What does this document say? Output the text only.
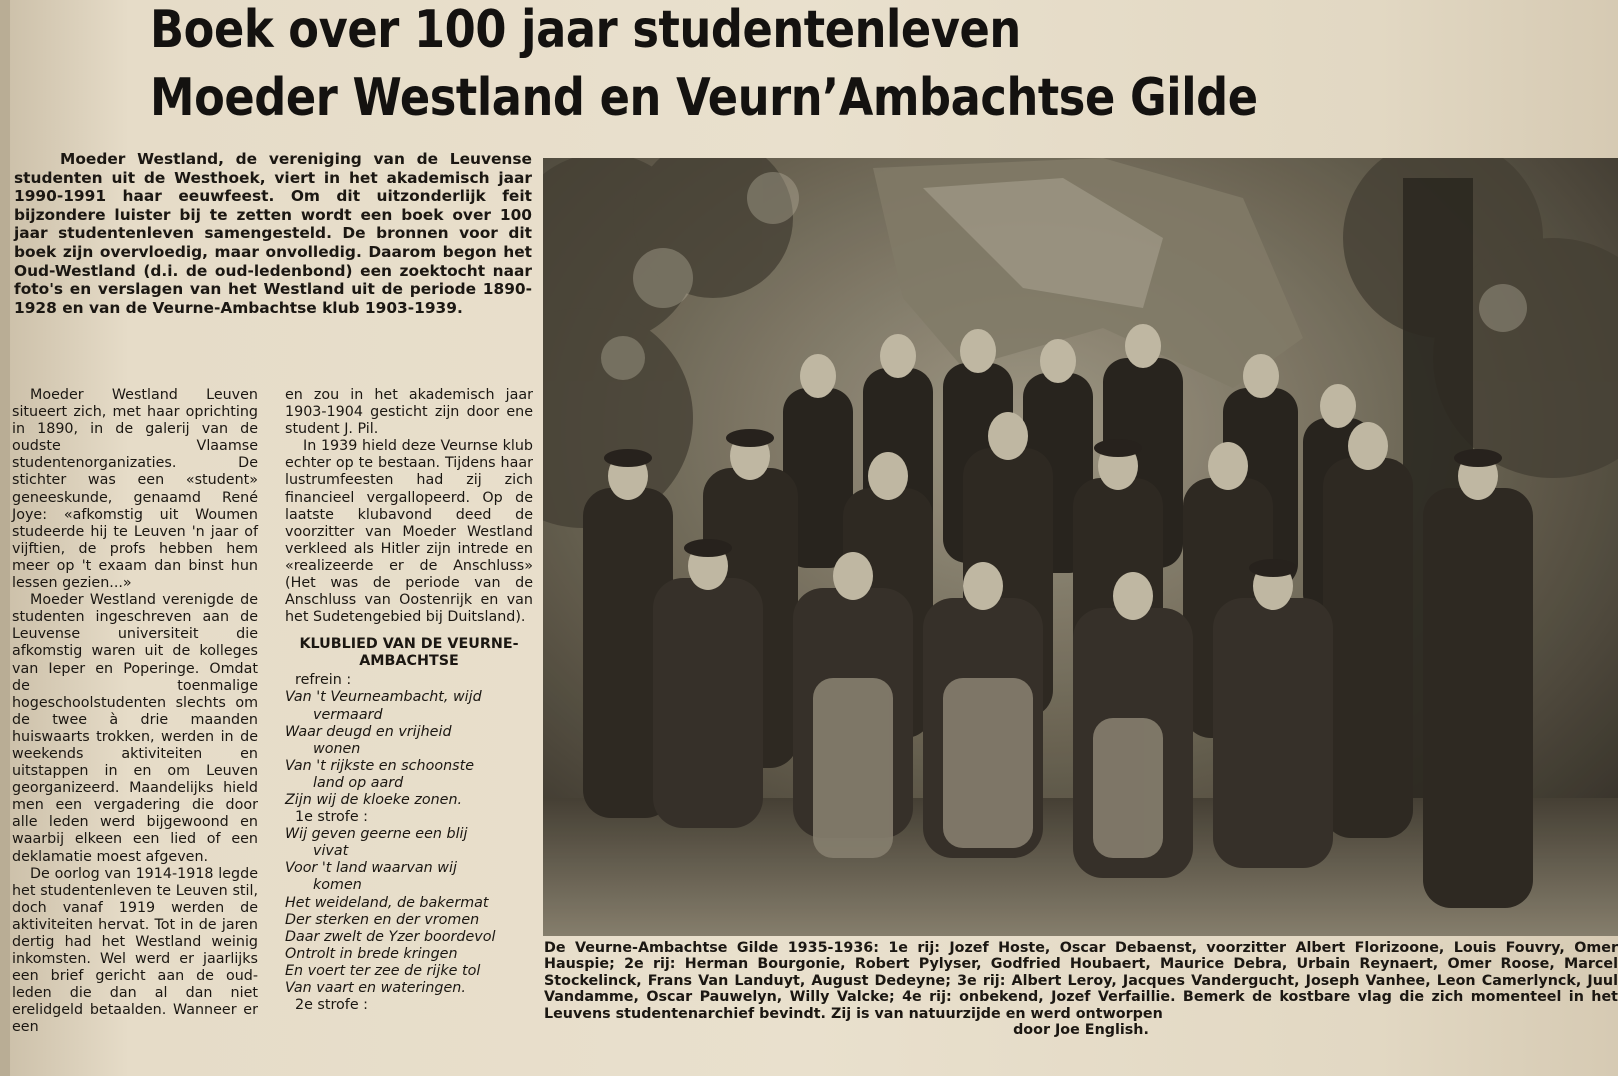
Boek over 100 jaar studentenleven
Moeder Westland en Veurn’Ambachtse Gilde

Moeder Westland, de vereniging van de Leuvense studenten uit de Westhoek, viert in het akademisch jaar 1990-1991 haar eeuwfeest. Om dit uitzonderlijk feit bijzondere luister bij te zetten wordt een boek over 100 jaar studentenleven samengesteld. De bronnen voor dit boek zijn overvloedig, maar onvolledig. Daarom begon het Oud-Westland (d.i. de oud-ledenbond) een zoektocht naar foto's en verslagen van het Westland uit de periode 1890-1928 en van de Veurne-Ambachtse klub 1903-1939.

Moeder Westland Leuven situeert zich, met haar oprichting in 1890, in de galerij van de oudste Vlaamse studentenorganizaties. De stichter was een «student» geneeskunde, genaamd René Joye: «afkomstig uit Woumen studeerde hij te Leuven 'n jaar of vijftien, de profs hebben hem meer op 't exaam dan binst hun lessen gezien...»

Moeder Westland verenigde de studenten ingeschreven aan de Leuvense universiteit die afkomstig waren uit de kolleges van Ieper en Poperinge. Omdat de toenmalige hogeschoolstudenten slechts om de twee à drie maanden huiswaarts trokken, werden in de weekends aktiviteiten en uitstappen in en om Leuven georganizeerd. Maandelijks hield men een vergadering die door alle leden werd bijgewoond en waarbij elkeen een lied of een deklamatie moest afgeven.

De oorlog van 1914-1918 legde het studentenleven te Leuven stil, doch vanaf 1919 werden de aktiviteiten hervat. Tot in de jaren dertig had het Westland weinig inkomsten. Wel werd er jaarlijks een brief gericht aan de oud-leden die dan al dan niet erelidgeld betaalden. Wanneer er een

en zou in het akademisch jaar 1903-1904 gesticht zijn door ene student J. Pil.

In 1939 hield deze Veurnse klub echter op te bestaan. Tijdens haar lustrumfeesten had zij zich financieel vergallopeerd. Op de laatste klubavond deed de voorzitter van Moeder Westland verkleed als Hitler zijn intrede en «realizeerde er de Anschluss» (Het was de periode van de Anschluss van Oostenrijk en van het Sudetengebied bij Duitsland).

KLUBLIED VAN DE VEURNE-AMBACHTSE

refrein :

Van 't Veurneambacht, wijd

vermaard

Waar deugd en vrijheid

wonen

Van 't rijkste en schoonste

land op aard

Zijn wij de kloeke zonen.

1e strofe :

Wij geven geerne een blij

vivat

Voor 't land waarvan wij

komen

Het weideland, de bakermat

Der sterken en der vromen

Daar zwelt de Yzer boordevol

Ontrolt in brede kringen

En voert ter zee de rijke tol

Van vaart en wateringen.

2e strofe :

De Veurne-Ambachtse Gilde 1935-1936: 1e rij: Jozef Hoste, Oscar Debaenst, voorzitter Albert Florizoone, Louis Fouvry, Omer Hauspie; 2e rij: Herman Bourgonie, Robert Pylyser, Godfried Houbaert, Maurice Debra, Urbain Reynaert, Omer Roose, Marcel Stockelinck, Frans Van Landuyt, August Dedeyne; 3e rij: Albert Leroy, Jacques Vandergucht, Joseph Vanhee, Leon Camerlynck, Juul Vandamme, Oscar Pauwelyn, Willy Valcke; 4e rij: onbekend, Jozef Verfaillie. Bemerk de kostbare vlag die zich momenteel in het Leuvens studentenarchief bevindt. Zij is van natuurzijde en werd ontworpen
door Joe English.
